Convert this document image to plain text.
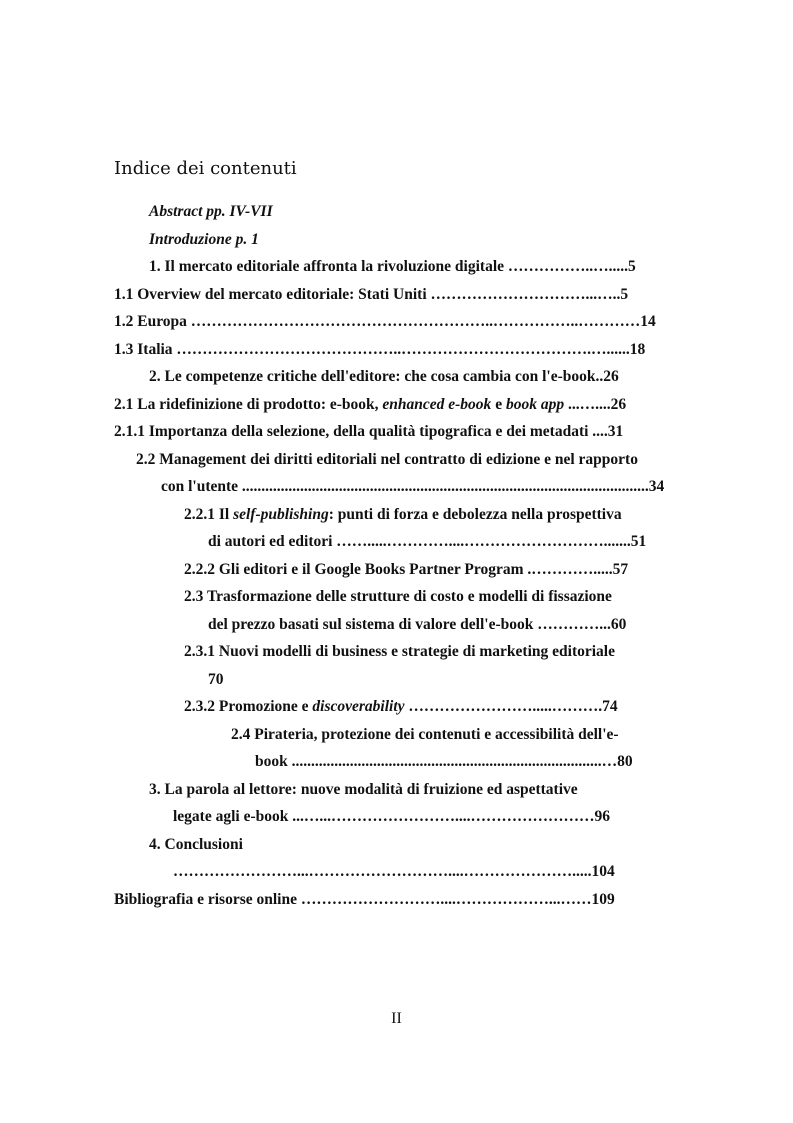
Indice dei contenuti
Abstract pp. IV-VII
Introduzione p. 1
1. Il mercato editoriale affronta la rivoluzione digitale ……………..….....5
1.1 Overview del mercato editoriale: Stati Uniti …………………………...…..5
1.2 Europa …………………………………………………..……………..…………14
1.3 Italia ……………………………………..……………………………….…......18
2. Le competenze critiche dell'editore: che cosa cambia con l'e-book..26
2.1 La ridefinizione di prodotto: e-book, enhanced e-book e book app ...…....26
2.1.1 Importanza della selezione, della qualità tipografica e dei metadati ....31
2.2 Management dei diritti editoriali nel contratto di edizione e nel rapporto
con l'utente .........................................................................................................34
2.2.1 Il self-publishing: punti di forza e debolezza nella prospettiva
di autori ed editori …….....…………....……………………….......51
2.2.2 Gli editori e il Google Books Partner Program .………….....57
2.3 Trasformazione delle strutture di costo e modelli di fissazione
del prezzo basati sul sistema di valore dell'e-book …………...60
2.3.1 Nuovi modelli di business e strategie di marketing editoriale
70
2.3.2 Promozione e discoverability …………………….....……….74
2.4 Pirateria, protezione dei contenuti e accessibilità dell'e-
book ................................................................................…80
3. La parola al lettore: nuove modalità di fruizione ed aspettative
legate agli e-book ...…...……………………....……………………96
4. Conclusioni
……………………...………………………....………………….....104
Bibliografia e risorse online ………………………....………………...……109
II
